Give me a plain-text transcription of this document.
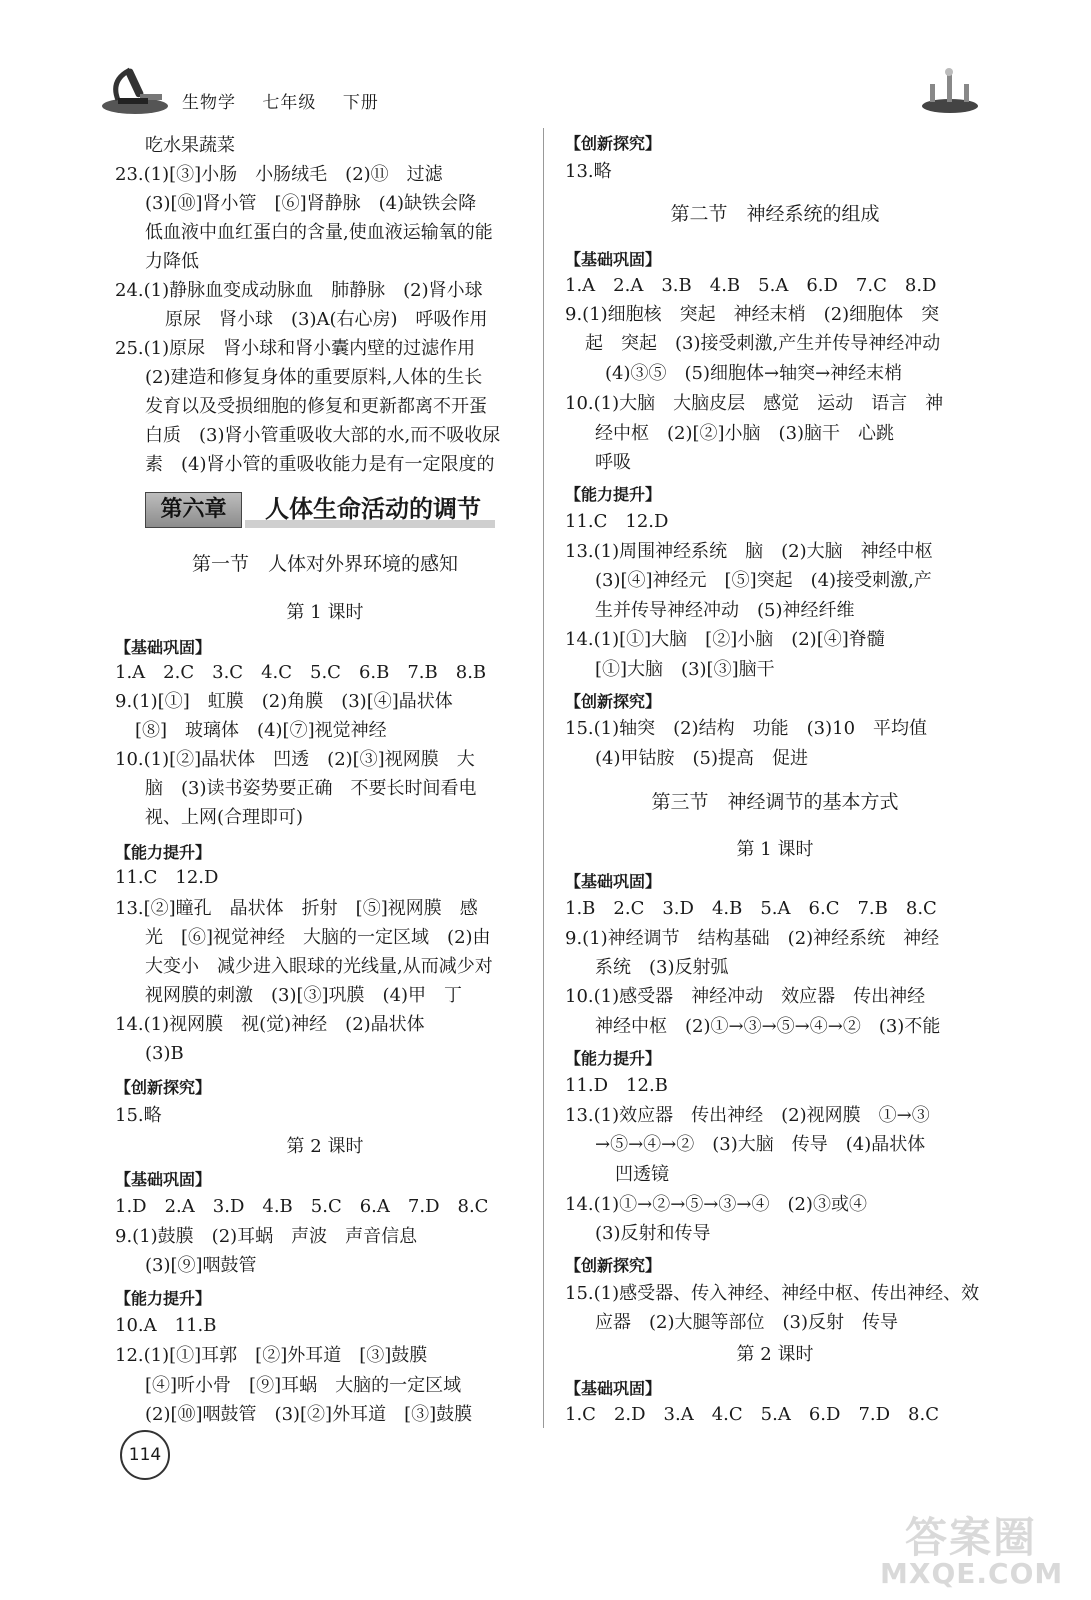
生物学 七年级 下册
吃水果蔬菜
23.(1)[③]小肠　小肠绒毛　(2)⑪　过滤
(3)[⑩]肾小管　[⑥]肾静脉　(4)缺铁会降
低血液中血红蛋白的含量,使血液运输氧的能
力降低
24.(1)静脉血变成动脉血　肺静脉　(2)肾小球
原尿　肾小球　(3)A(右心房)　呼吸作用
25.(1)原尿　肾小球和肾小囊内壁的过滤作用
(2)建造和修复身体的重要原料,人体的生长
发育以及受损细胞的修复和更新都离不开蛋
白质　(3)肾小管重吸收大部的水,而不吸收尿
素　(4)肾小管的重吸收能力是有一定限度的
第一节　人体对外界环境的感知
第 1 课时
【基础巩固】
1.A　2.C　3.C　4.C　5.C　6.B　7.B　8.B
9.(1)[①]　虹膜　(2)角膜　(3)[④]晶状体
[⑧]　玻璃体　(4)[⑦]视觉神经
10.(1)[②]晶状体　凹透　(2)[③]视网膜　大
脑　(3)读书姿势要正确　不要长时间看电
视、上网(合理即可)
【能力提升】
11.C　12.D
13.[②]瞳孔　晶状体　折射　[⑤]视网膜　感
光　[⑥]视觉神经　大脑的一定区域　(2)由
大变小　减少进入眼球的光线量,从而减少对
视网膜的刺激　(3)[③]巩膜　(4)甲　丁
14.(1)视网膜　视(觉)神经　(2)晶状体
(3)B
【创新探究】
15.略
第 2 课时
【基础巩固】
1.D　2.A　3.D　4.B　5.C　6.A　7.D　8.C
9.(1)鼓膜　(2)耳蜗　声波　声音信息
(3)[⑨]咽鼓管
【能力提升】
10.A　11.B
12.(1)[①]耳郭　[②]外耳道　[③]鼓膜
[④]听小骨　[⑨]耳蜗　大脑的一定区域
(2)[⑩]咽鼓管　(3)[②]外耳道　[③]鼓膜
第六章	人体生命活动的调节
【创新探究】
13.略
第二节　神经系统的组成
【基础巩固】
1.A　2.A　3.B　4.B　5.A　6.D　7.C　8.D
9.(1)细胞核　突起　神经末梢　(2)细胞体　突
起　突起　(3)接受刺激,产生并传导神经冲动
(4)③⑤　(5)细胞体→轴突→神经末梢
10.(1)大脑　大脑皮层　感觉　运动　语言　神
经中枢　(2)[②]小脑　(3)脑干　心跳
呼吸
【能力提升】
11.C　12.D
13.(1)周围神经系统　脑　(2)大脑　神经中枢
(3)[④]神经元　[⑤]突起　(4)接受刺激,产
生并传导神经冲动　(5)神经纤维
14.(1)[①]大脑　[②]小脑　(2)[④]脊髓
[①]大脑　(3)[③]脑干
【创新探究】
15.(1)轴突　(2)结构　功能　(3)10　平均值
(4)甲钴胺　(5)提高　促进
第三节　神经调节的基本方式
第 1 课时
【基础巩固】
1.B　2.C　3.D　4.B　5.A　6.C　7.B　8.C
9.(1)神经调节　结构基础　(2)神经系统　神经
系统　(3)反射弧
10.(1)感受器　神经冲动　效应器　传出神经
神经中枢　(2)①→③→⑤→④→②　(3)不能
【能力提升】
11.D　12.B
13.(1)效应器　传出神经　(2)视网膜　①→③
→⑤→④→②　(3)大脑　传导　(4)晶状体
凹透镜
14.(1)①→②→⑤→③→④　(2)③或④
(3)反射和传导
【创新探究】
15.(1)感受器、传入神经、神经中枢、传出神经、效
应器　(2)大腿等部位　(3)反射　传导
第 2 课时
【基础巩固】
1.C　2.D　3.A　4.C　5.A　6.D　7.D　8.C
114
答案圈
MXQE.COM
